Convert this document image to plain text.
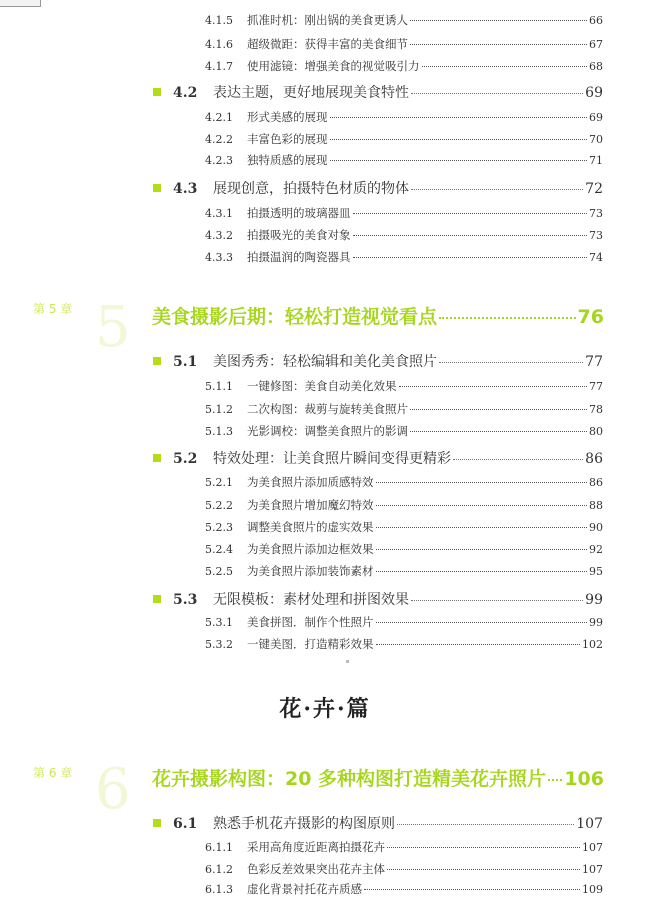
4.1.5	抓准时机：刚出锅的美食更诱人	66
4.1.6	超级微距：获得丰富的美食细节	67
4.1.7	使用滤镜：增强美食的视觉吸引力	68
4.2	表达主题，更好地展现美食特性	69
4.2.1	形式美感的展现	69
4.2.2	丰富色彩的展现	70
4.2.3	独特质感的展现	71
4.3	展现创意，拍摄特色材质的物体	72
4.3.1	拍摄透明的玻璃器皿	73
4.3.2	拍摄吸光的美食对象	73
4.3.3	拍摄温润的陶瓷器具	74
第 5 章 5 美食摄影后期：轻松打造视觉看点	76
5.1	美图秀秀：轻松编辑和美化美食照片	77
5.1.1	一键修图：美食自动美化效果	77
5.1.2	二次构图：裁剪与旋转美食照片	78
5.1.3	光影调校：调整美食照片的影调	80
5.2	特效处理：让美食照片瞬间变得更精彩	86
5.2.1	为美食照片添加质感特效	86
5.2.2	为美食照片增加魔幻特效	88
5.2.3	调整美食照片的虚实效果	90
5.2.4	为美食照片添加边框效果	92
5.2.5	为美食照片添加装饰素材	95
5.3	无限模板：素材处理和拼图效果	99
5.3.1	美食拼图．制作个性照片	99
5.3.2	一键美图．打造精彩效果	102
花·卉·篇
第 6 章 6 花卉摄影构图：20 多种构图打造精美花卉照片 106
6.1	熟悉手机花卉摄影的构图原则	107
6.1.1	采用高角度近距离拍摄花卉	107
6.1.2	色彩反差效果突出花卉主体	107
6.1.3	虚化背景衬托花卉质感	109
